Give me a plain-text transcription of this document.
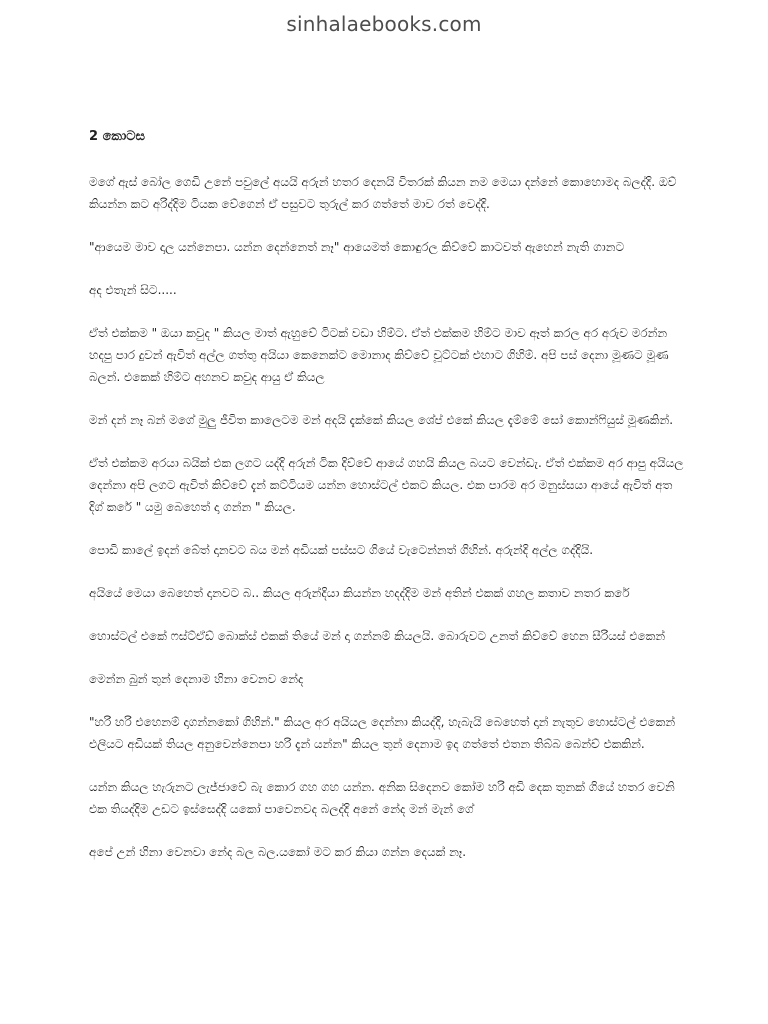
sinhalaebooks.com
2 කොටස

මගේ ඇස් බෝල ගෙඩි උනේ පවුලේ අයයි අරුන් හතර දෙනයි විතරක් කියන නම මෙයා දන්නේ කොහොමද බලද්දි. ඔව් කියන්න කට අරිද්දිම ටියක වේගෙන් ඒ පසුවට තුරුල් කර ගත්තේ මාව රත් වෙද්දි.

"ආයෙම මාව දාල යන්නෙපා. යන්න දෙන්නෙත් නෑ" ආයෙමත් කොඳුරල කිව්වේ කාටවත් ඇහෙන් නැති ගානට

අද එතැන් සිට.....

ඒත් එක්කම " ඔයා කවුද " කියල මාත් ඇහුවේ ටිටක් වඩා හිම්ට. ඒත් එක්කම හිම්ට මාව ඈත් කරල අර අරුව මරන්න හදපු පාර දුවන් ඇවිත් අල්ල ගත්තු අයියා කෙනෙක්ට මොනාද කිව්වේ චූට්ටක් එහාට ගිහිම්. අපි පස් දෙනා මූණට මූණ බලන්. එකෙක් හිම්ට අහනව කවුද ආයු ඒ කියල

මන් දන් නෑ බන් මගේ මුලු ජීවිත කාලෙටම මන් අදයි දැක්කේ කියල ශේප් එකේ කියල දැම්මේ සෝ කොන්ෆියුස් මූණකින්.

ඒත් එක්කම අරයා බයික් එක ලගට යද්දි අරුන් ටික දිව්වේ ආයේ ගහයි කියල බයට වෙන්ඩැ. ඒත් එක්කම අර ආපු අයියල දෙන්නා අපි ලගට ඇවිත් කිව්වේ දැන් කට්ටියම යන්න හොස්ටල් එකට කියල. එක පාරම අර මනුස්සයා ආයේ ඇවිත් අත දිග් කරේ " යමු බෙහෙත් දා ගන්න " කියල.

පොඩි කාලේ ඉදන් බේත් දානවට බය මන් අඩියක් පස්සට ගියේ වැටෙන්නත් ගිහින්. අරුන්දි අල්ල ගද්දියි.

අයියේ මෙයා බෙහෙත් දානවට බ.. කියල අරුන්දියා කියන්න හදද්දිම මන් අතින් එකක් ගහල කතාව නතර කරේ

හොස්ටල් එකේ ෆස්ට්ඒඩ් බොක්ස් එකක් තියේ මන් දා ගන්නම් කියලයි. බොරුවට උනත් කිව්වේ හෙන සීරියස් එකෙන්

මෙන්න බුන් තුන් දෙනාම හිනා වෙනව නේද

"හරි හරි එහෙනම් දාගන්නකෝ ගිහින්." කියල අර අයියල දෙන්නා කියද්දි, හැබැයි බෙහෙත් දාන් නැතුව හොස්ටල් එකෙන් එලියට අඩියක් තියල අනුවෙන්නෙපා හරි දැන් යන්න" කියල තුන් දෙනාම ඉද ගත්තේ එතන තිබ්බ බෙන්ච් එකකින්.

යන්න කියල හැරුනට ලැජ්ජාවේ බැ කොර ගහ ගහ යන්න. අනික සිදෙනව කෝම හරි අඩි දෙක තුනක් ගියේ හතර වෙනි එක තියද්දිම උඩට ඉස්සෙද්දි යකෝ පාවෙනවද බලද්දි අනේ නේද මන් මැන් ගේ

අපේ උන් හිනා වෙනවා නේද බල බල.යකෝ මට කර කියා ගන්න දෙයක් නෑ.
